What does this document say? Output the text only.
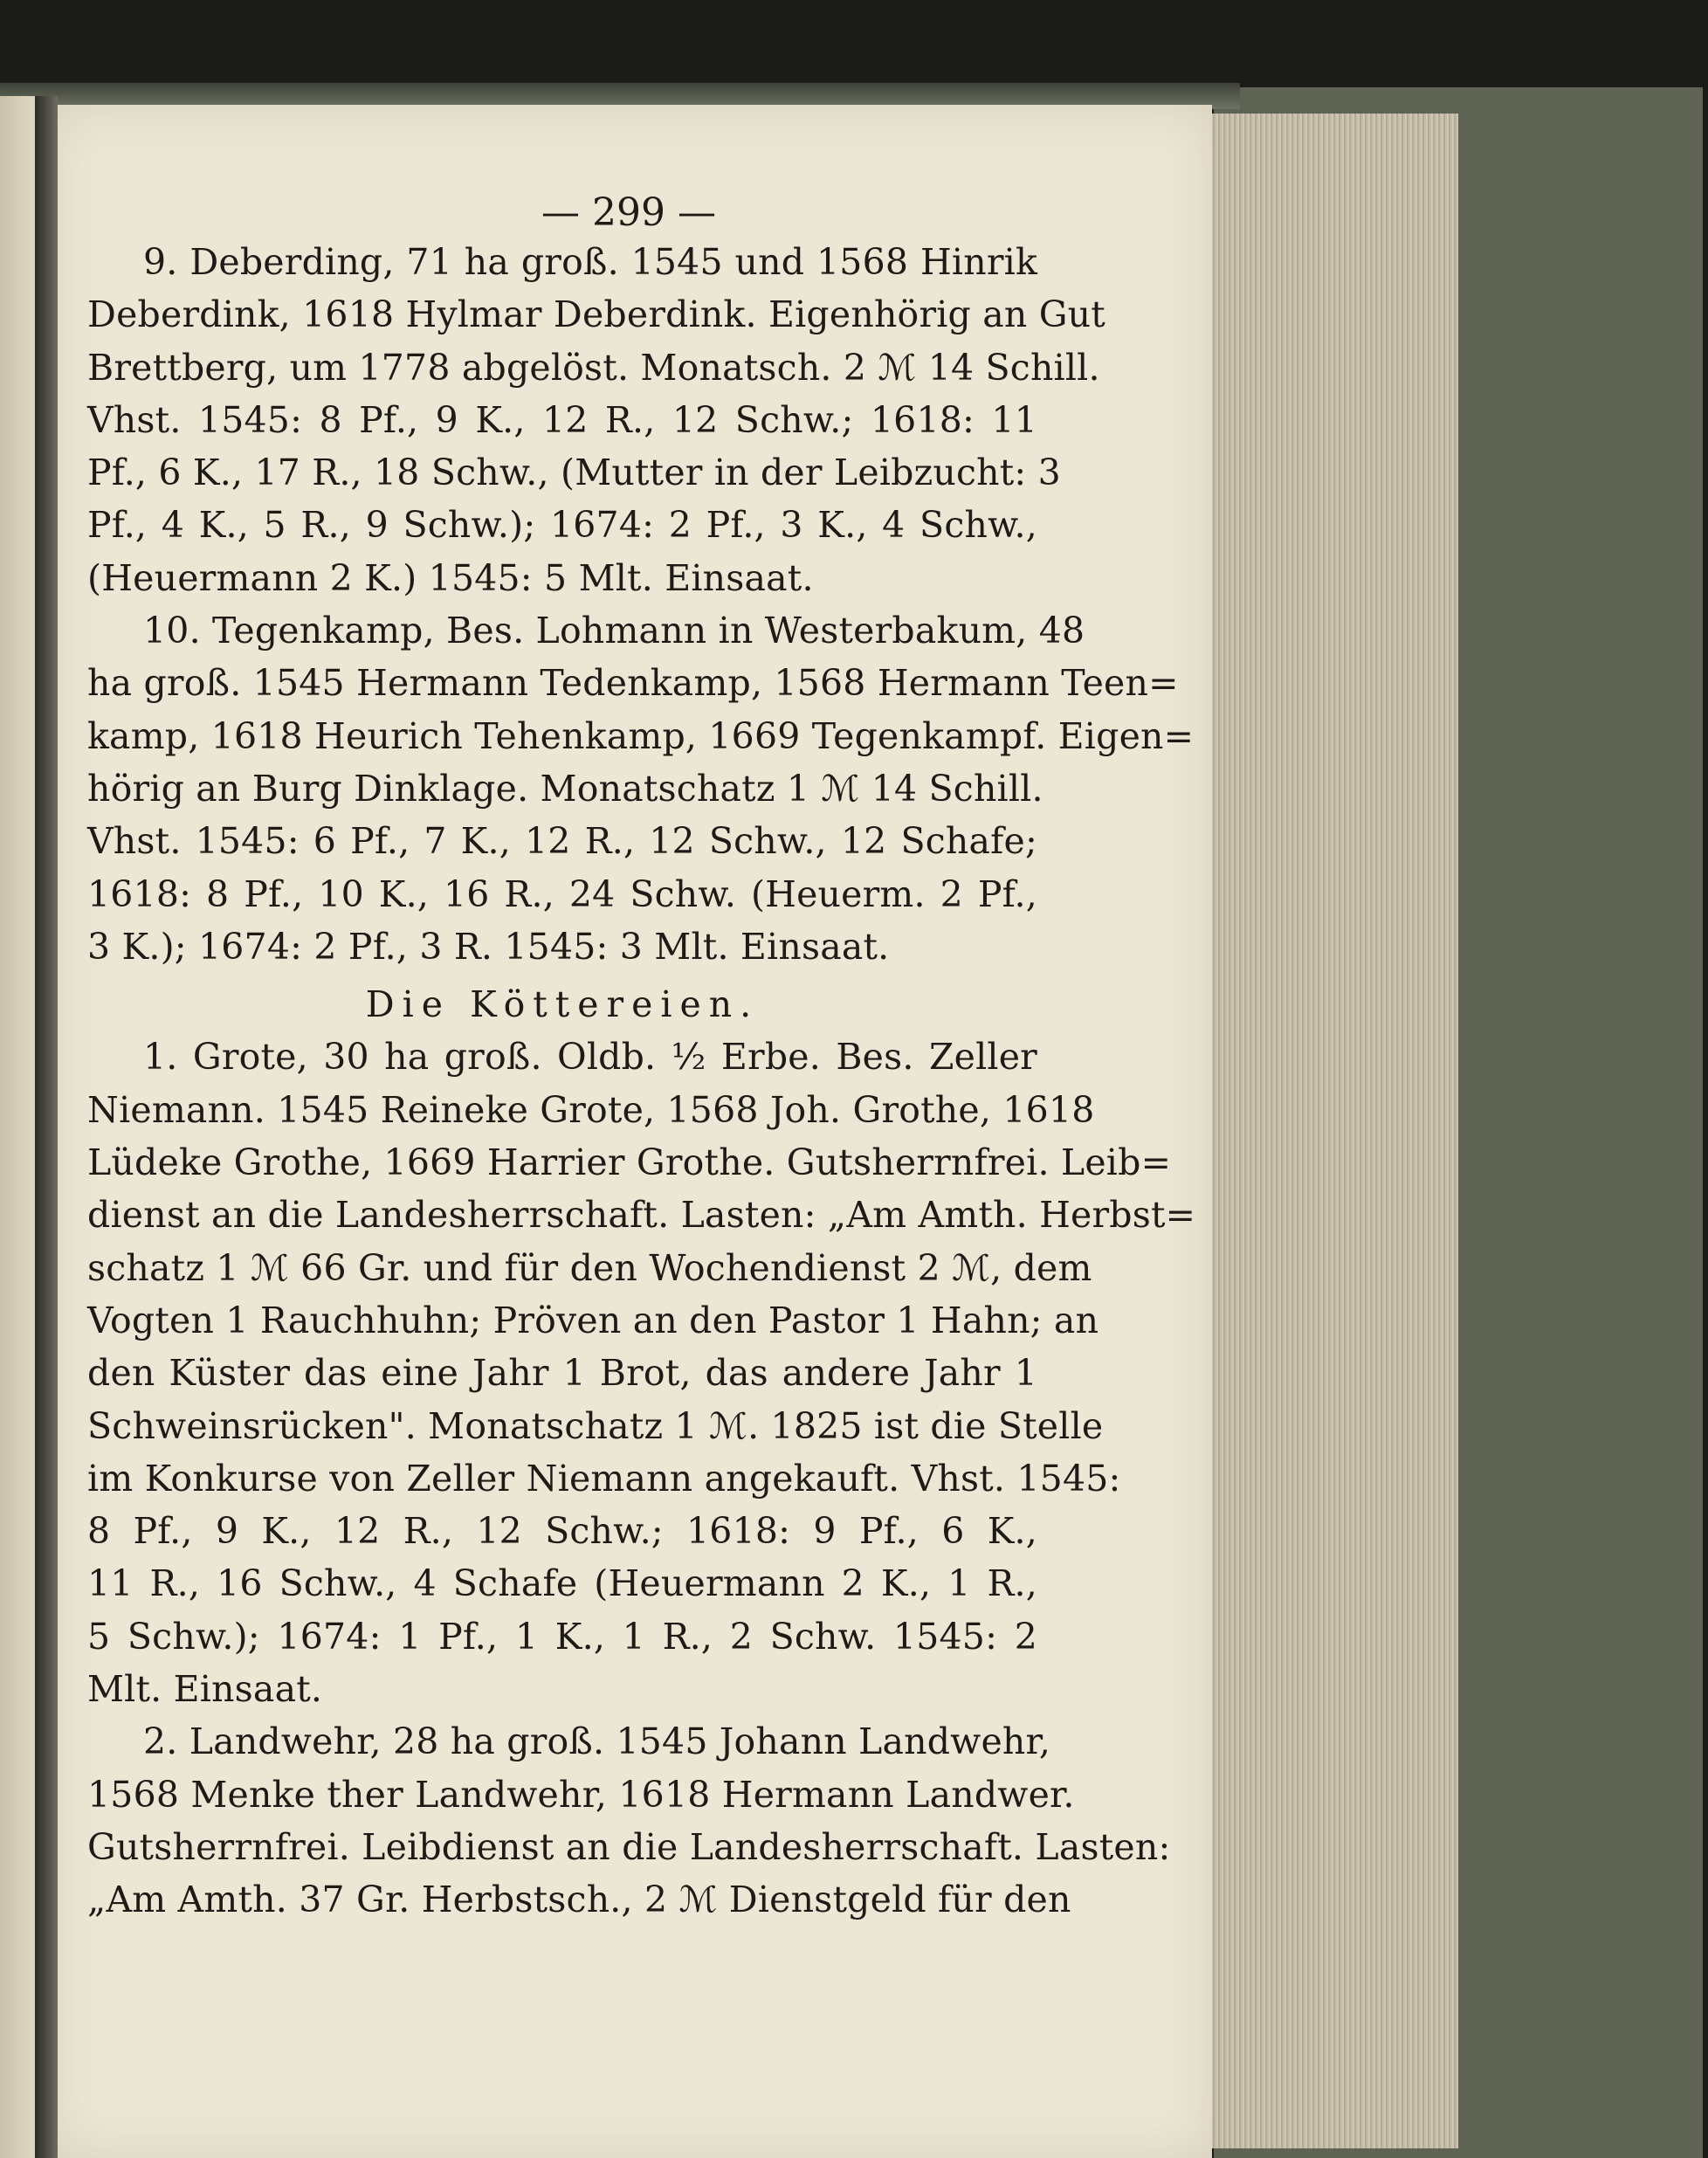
— 299 —
9. Deberding, 71 ha groß. 1545 und 1568 Hinrik
Deberdink, 1618 Hylmar Deberdink. Eigenhörig an Gut
Brettberg, um 1778 abgelöst. Monatsch. 2 ℳ 14 Schill.
Vhst. 1545: 8 Pf., 9 K., 12 R., 12 Schw.; 1618: 11
Pf., 6 K., 17 R., 18 Schw., (Mutter in der Leibzucht: 3
Pf., 4 K., 5 R., 9 Schw.); 1674: 2 Pf., 3 K., 4 Schw.,
(Heuermann 2 K.) 1545: 5 Mlt. Einsaat.
10. Tegenkamp, Bes. Lohmann in Westerbakum, 48
ha groß. 1545 Hermann Tedenkamp, 1568 Hermann Teen=
kamp, 1618 Heurich Tehenkamp, 1669 Tegenkampf. Eigen=
hörig an Burg Dinklage. Monatschatz 1 ℳ 14 Schill.
Vhst. 1545: 6 Pf., 7 K., 12 R., 12 Schw., 12 Schafe;
1618: 8 Pf., 10 K., 16 R., 24 Schw. (Heuerm. 2 Pf.,
3 K.); 1674: 2 Pf., 3 R. 1545: 3 Mlt. Einsaat.
Die Köttereien.
1. Grote, 30 ha groß. Oldb. ½ Erbe. Bes. Zeller
Niemann. 1545 Reineke Grote, 1568 Joh. Grothe, 1618
Lüdeke Grothe, 1669 Harrier Grothe. Gutsherrnfrei. Leib=
dienst an die Landesherrschaft. Lasten: „Am Amth. Herbst=
schatz 1 ℳ 66 Gr. und für den Wochendienst 2 ℳ, dem
Vogten 1 Rauchhuhn; Pröven an den Pastor 1 Hahn; an
den Küster das eine Jahr 1 Brot, das andere Jahr 1
Schweinsrücken". Monatschatz 1 ℳ. 1825 ist die Stelle
im Konkurse von Zeller Niemann angekauft. Vhst. 1545:
8 Pf., 9 K., 12 R., 12 Schw.; 1618: 9 Pf., 6 K.,
11 R., 16 Schw., 4 Schafe (Heuermann 2 K., 1 R.,
5 Schw.); 1674: 1 Pf., 1 K., 1 R., 2 Schw. 1545: 2
Mlt. Einsaat.
2. Landwehr, 28 ha groß. 1545 Johann Landwehr,
1568 Menke ther Landwehr, 1618 Hermann Landwer.
Gutsherrnfrei. Leibdienst an die Landesherrschaft. Lasten:
„Am Amth. 37 Gr. Herbstsch., 2 ℳ Dienstgeld für den
